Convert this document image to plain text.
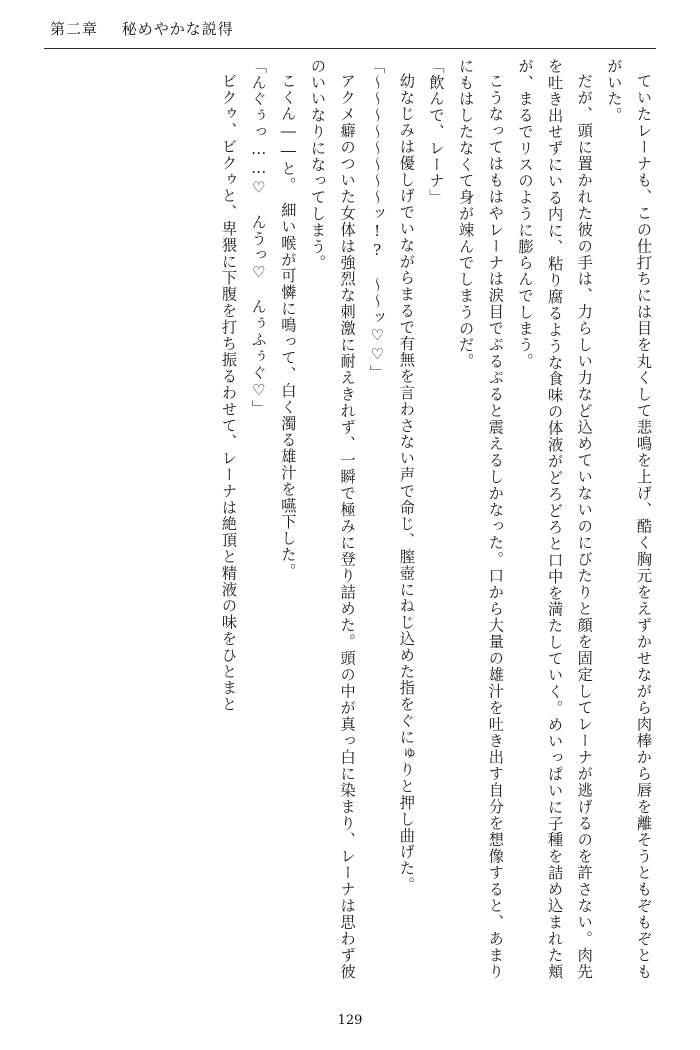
第二章 秘めやかな説得

ていたレーナも、この仕打ちには目を丸くして悲鳴を上げ、酷く胸元をえずかせながら肉棒から唇を離そうともぞもぞともがいた。

だが、頭に置かれた彼の手は、力らしい力など込めていないのにびたりと顔を固定してレーナが逃げるのを許さない。肉先を吐き出せずにいる内に、粘り腐るような食味の体液がどろどろと口中を満たしていく。めいっぱいに子種を詰め込まれた頬が、まるでリスのように膨らんでしまう。

こうなってはもはやレーナは涙目でぷるぷると震えるしかなった。口から大量の雄汁を吐き出す自分を想像すると、あまりにもはしたなくて身が竦んでしまうのだ。

「飲んで、レーナ」

幼なじみは優しげでいながらまるで有無を言わさない声で命じ、膣壺にねじ込めた指をぐにゅりと押し曲げた。

「～～～～～～～～ッ!?　～～ッ♡♡」

アクメ癖のついた女体は強烈な刺激に耐えきれず、一瞬で極みに登り詰めた。頭の中が真っ白に染まり、レーナは思わず彼のいいなりになってしまう。

こくん――と。　細い喉が可憐に鳴って、白く濁る雄汁を嚥下した。

「んぐぅっ……♡　んうっ♡　んぅふぅぐ♡」

ビクゥ、ビクゥと、卑猥に下腹を打ち振るわせて、レーナは絶頂と精液の味をひとまと

129
